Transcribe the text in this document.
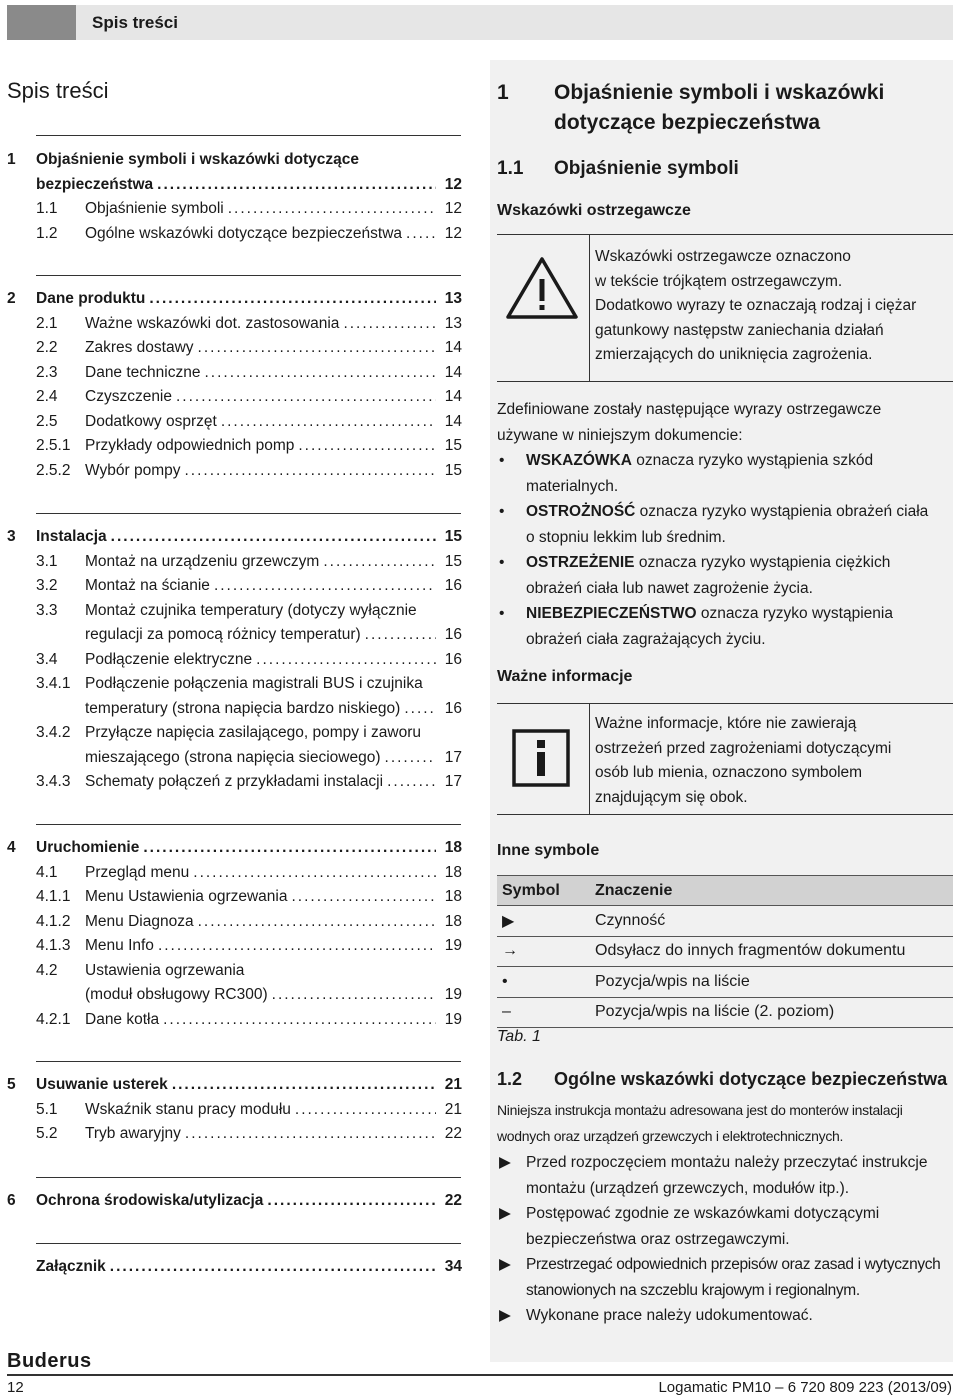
Spis treści
Spis treści
1 Objaśnienie symboli i wskazówki dotyczące
bezpieczeństwa .....	12
1.1 Objaśnienie symboli .....	12
1.2 Ogólne wskazówki dotyczące bezpieczeństwa .....	12
2 Dane produktu .....	13
2.1 Ważne wskazówki dot. zastosowania .....	13
2.2 Zakres dostawy .....	14
2.3 Dane techniczne .....	14
2.4 Czyszczenie .....	14
2.5 Dodatkowy osprzęt .....	14
2.5.1 Przykłady odpowiednich pomp .....	15
2.5.2 Wybór pompy .....	15
3 Instalacja .....	15
3.1 Montaż na urządzeniu grzewczym .....	15
3.2 Montaż na ścianie .....	16
3.3 Montaż czujnika temperatury (dotyczy wyłącznie
regulacji za pomocą różnicy temperatur) .....	16
3.4 Podłączenie elektryczne .....	16
3.4.1 Podłączenie połączenia magistrali BUS i czujnika
temperatury (strona napięcia bardzo niskiego) .....	16
3.4.2 Przyłącze napięcia zasilającego, pompy i zaworu
mieszającego (strona napięcia sieciowego) .....	17
3.4.3 Schematy połączeń z przykładami instalacji .....	17
4 Uruchomienie .....	18
4.1 Przegląd menu .....	18
4.1.1 Menu Ustawienia ogrzewania .....	18
4.1.2 Menu Diagnoza .....	18
4.1.3 Menu Info .....	19
4.2 Ustawienia ogrzewania
(moduł obsługowy RC300) .....	19
4.2.1 Dane kotła .....	19
5 Usuwanie usterek .....	21
5.1 Wskaźnik stanu pracy modułu .....	21
5.2 Tryb awaryjny .....	22
6 Ochrona środowiska/utylizacja .....	22
Załącznik .....	34
1 Objaśnienie symboli i wskazówki
dotyczące bezpieczeństwa
1.1 Objaśnienie symboli
Wskazówki ostrzegawcze
Wskazówki ostrzegawcze oznaczono
w tekście trójkątem ostrzegawczym.
Dodatkowo wyrazy te oznaczają rodzaj i ciężar
gatunkowy następstw zaniechania działań
zmierzających do uniknięcia zagrożenia.
Zdefiniowane zostały następujące wyrazy ostrzegawcze
używane w niniejszym dokumencie:
• WSKAZÓWKA oznacza ryzyko wystąpienia szkód
materialnych.
• OSTROŻNOŚĆ oznacza ryzyko wystąpienia obrażeń ciała
o stopniu lekkim lub średnim.
• OSTRZEŻENIE oznacza ryzyko wystąpienia ciężkich
obrażeń ciała lub nawet zagrożenie życia.
• NIEBEZPIECZEŃSTWO oznacza ryzyko wystąpienia
obrażeń ciała zagrażających życiu.
Ważne informacje
Ważne informacje, które nie zawierają
ostrzeżeń przed zagrożeniami dotyczącymi
osób lub mienia, oznaczono symbolem
znajdującym się obok.
Inne symbole
Symbol	Znaczenie
▶	Czynność
→	Odsyłacz do innych fragmentów dokumentu
•	Pozycja/wpis na liście
–	Pozycja/wpis na liście (2. poziom)
Tab. 1
1.2 Ogólne wskazówki dotyczące bezpieczeństwa
Niniejsza instrukcja montażu adresowana jest do monterów instalacji
wodnych oraz urządzeń grzewczych i elektrotechnicznych.
▶ Przed rozpoczęciem montażu należy przeczytać instrukcje
montażu (urządzeń grzewczych, modułów itp.).
▶ Postępować zgodnie ze wskazówkami dotyczącymi
bezpieczeństwa oraz ostrzegawczymi.
▶ Przestrzegać odpowiednich przepisów oraz zasad i wytycznych
stanowionych na szczeblu krajowym i regionalnym.
▶ Wykonane prace należy udokumentować.
Buderus
12	Logamatic PM10 – 6 720 809 223 (2013/09)
